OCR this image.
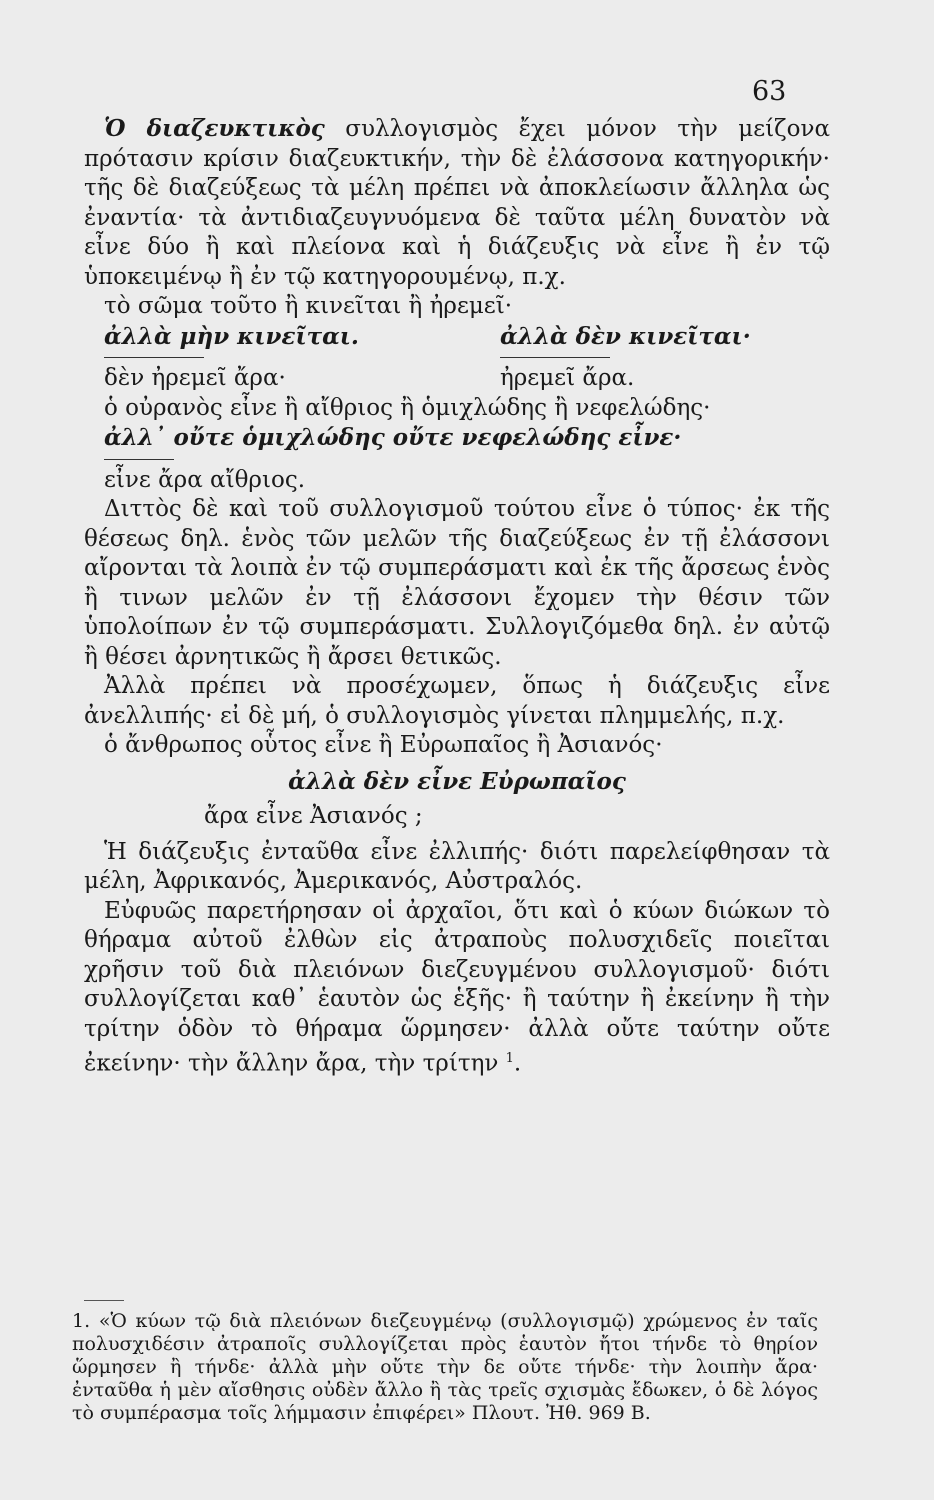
63

Ὁ διαζευκτικὸς συλλογισμὸς ἔχει μόνον τὴν μείζονα πρότασιν κρίσιν διαζευκτικήν, τὴν δὲ ἐλάσσονα κατηγορικήν· τῆς δὲ διαζεύξεως τὰ μέλη πρέπει νὰ ἀποκλείωσιν ἄλληλα ὡς ἐναντία· τὰ ἀντιδιαζευγνυόμενα δὲ ταῦτα μέλη δυνατὸν νὰ εἶνε δύο ἢ καὶ πλείονα καὶ ἡ διάζευξις νὰ εἶνε ἢ ἐν τῷ ὑποκειμένῳ ἢ ἐν τῷ κατηγορουμένῳ, π.χ.

τὸ σῶμα τοῦτο ἢ κινεῖται ἢ ἠρεμεῖ·

ἀλλὰ μὴν κινεῖται.	ἀλλὰ δὲν κινεῖται·
δὲν ἠρεμεῖ ἄρα·	ἠρεμεῖ ἄρα.

ὁ οὐρανὸς εἶνε ἢ αἴθριος ἢ ὁμιχλώδης ἢ νεφελώδης·

ἀλλ᾽ οὔτε ὁμιχλώδης οὔτε νεφελώδης εἶνε·

εἶνε ἄρα αἴθριος.

Διττὸς δὲ καὶ τοῦ συλλογισμοῦ τούτου εἶνε ὁ τύπος· ἐκ τῆς θέσεως δηλ. ἑνὸς τῶν μελῶν τῆς διαζεύξεως ἐν τῇ ἐλάσσονι αἴρονται τὰ λοιπὰ ἐν τῷ συμπεράσματι καὶ ἐκ τῆς ἄρσεως ἑνὸς ἢ τινων μελῶν ἐν τῇ ἐλάσσονι ἔχομεν τὴν θέσιν τῶν ὑπολοίπων ἐν τῷ συμπεράσματι. Συλλογιζόμεθα δηλ. ἐν αὐτῷ ἢ θέσει ἀρνητικῶς ἢ ἄρσει θετικῶς.

Ἀλλὰ πρέπει νὰ προσέχωμεν, ὅπως ἡ διάζευξις εἶνε ἀνελλιπής· εἰ δὲ μή, ὁ συλλογισμὸς γίνεται πλημμελής, π.χ.

ὁ ἄνθρωπος οὗτος εἶνε ἢ Εὐρωπαῖος ἢ Ἀσιανός·

ἀλλὰ δὲν εἶνε Εὐρωπαῖος

ἄρα εἶνε Ἀσιανός ;

Ἡ διάζευξις ἐνταῦθα εἶνε ἐλλιπής· διότι παρελείφθησαν τὰ μέλη, Ἀφρικανός, Ἀμερικανός, Αὐστραλός.

Εὐφυῶς παρετήρησαν οἱ ἀρχαῖοι, ὅτι καὶ ὁ κύων διώκων τὸ θήραμα αὐτοῦ ἐλθὼν εἰς ἀτραποὺς πολυσχιδεῖς ποιεῖται χρῆσιν τοῦ διὰ πλειόνων διεζευγμένου συλλογισμοῦ· διότι συλλογίζεται καθ᾽ ἑαυτὸν ὡς ἑξῆς· ἢ ταύτην ἢ ἐκείνην ἢ τὴν τρίτην ὁδὸν τὸ θήραμα ὥρμησεν· ἀλλὰ οὔτε ταύτην οὔτε ἐκείνην· τὴν ἄλλην ἄρα, τὴν τρίτην $^1$.

1. «Ὁ κύων τῷ διὰ πλειόνων διεζευγμένῳ (συλλογισμῷ) χρώμενος ἐν ταῖς πολυσχιδέσιν ἀτραποῖς συλλογίζεται πρὸς ἑαυτὸν ἤτοι τήνδε τὸ θηρίον ὥρμησεν ἢ τήνδε· ἀλλὰ μὴν οὔτε τὴν δε οὔτε τήνδε· τὴν λοιπὴν ἄρα· ἐνταῦθα ἡ μὲν αἴσθησις οὐδὲν ἄλλο ἢ τὰς τρεῖς σχισμὰς ἔδωκεν, ὁ δὲ λόγος τὸ συμπέρασμα τοῖς λήμμασιν ἐπιφέρει» Πλουτ. Ἠθ. 969 B.
